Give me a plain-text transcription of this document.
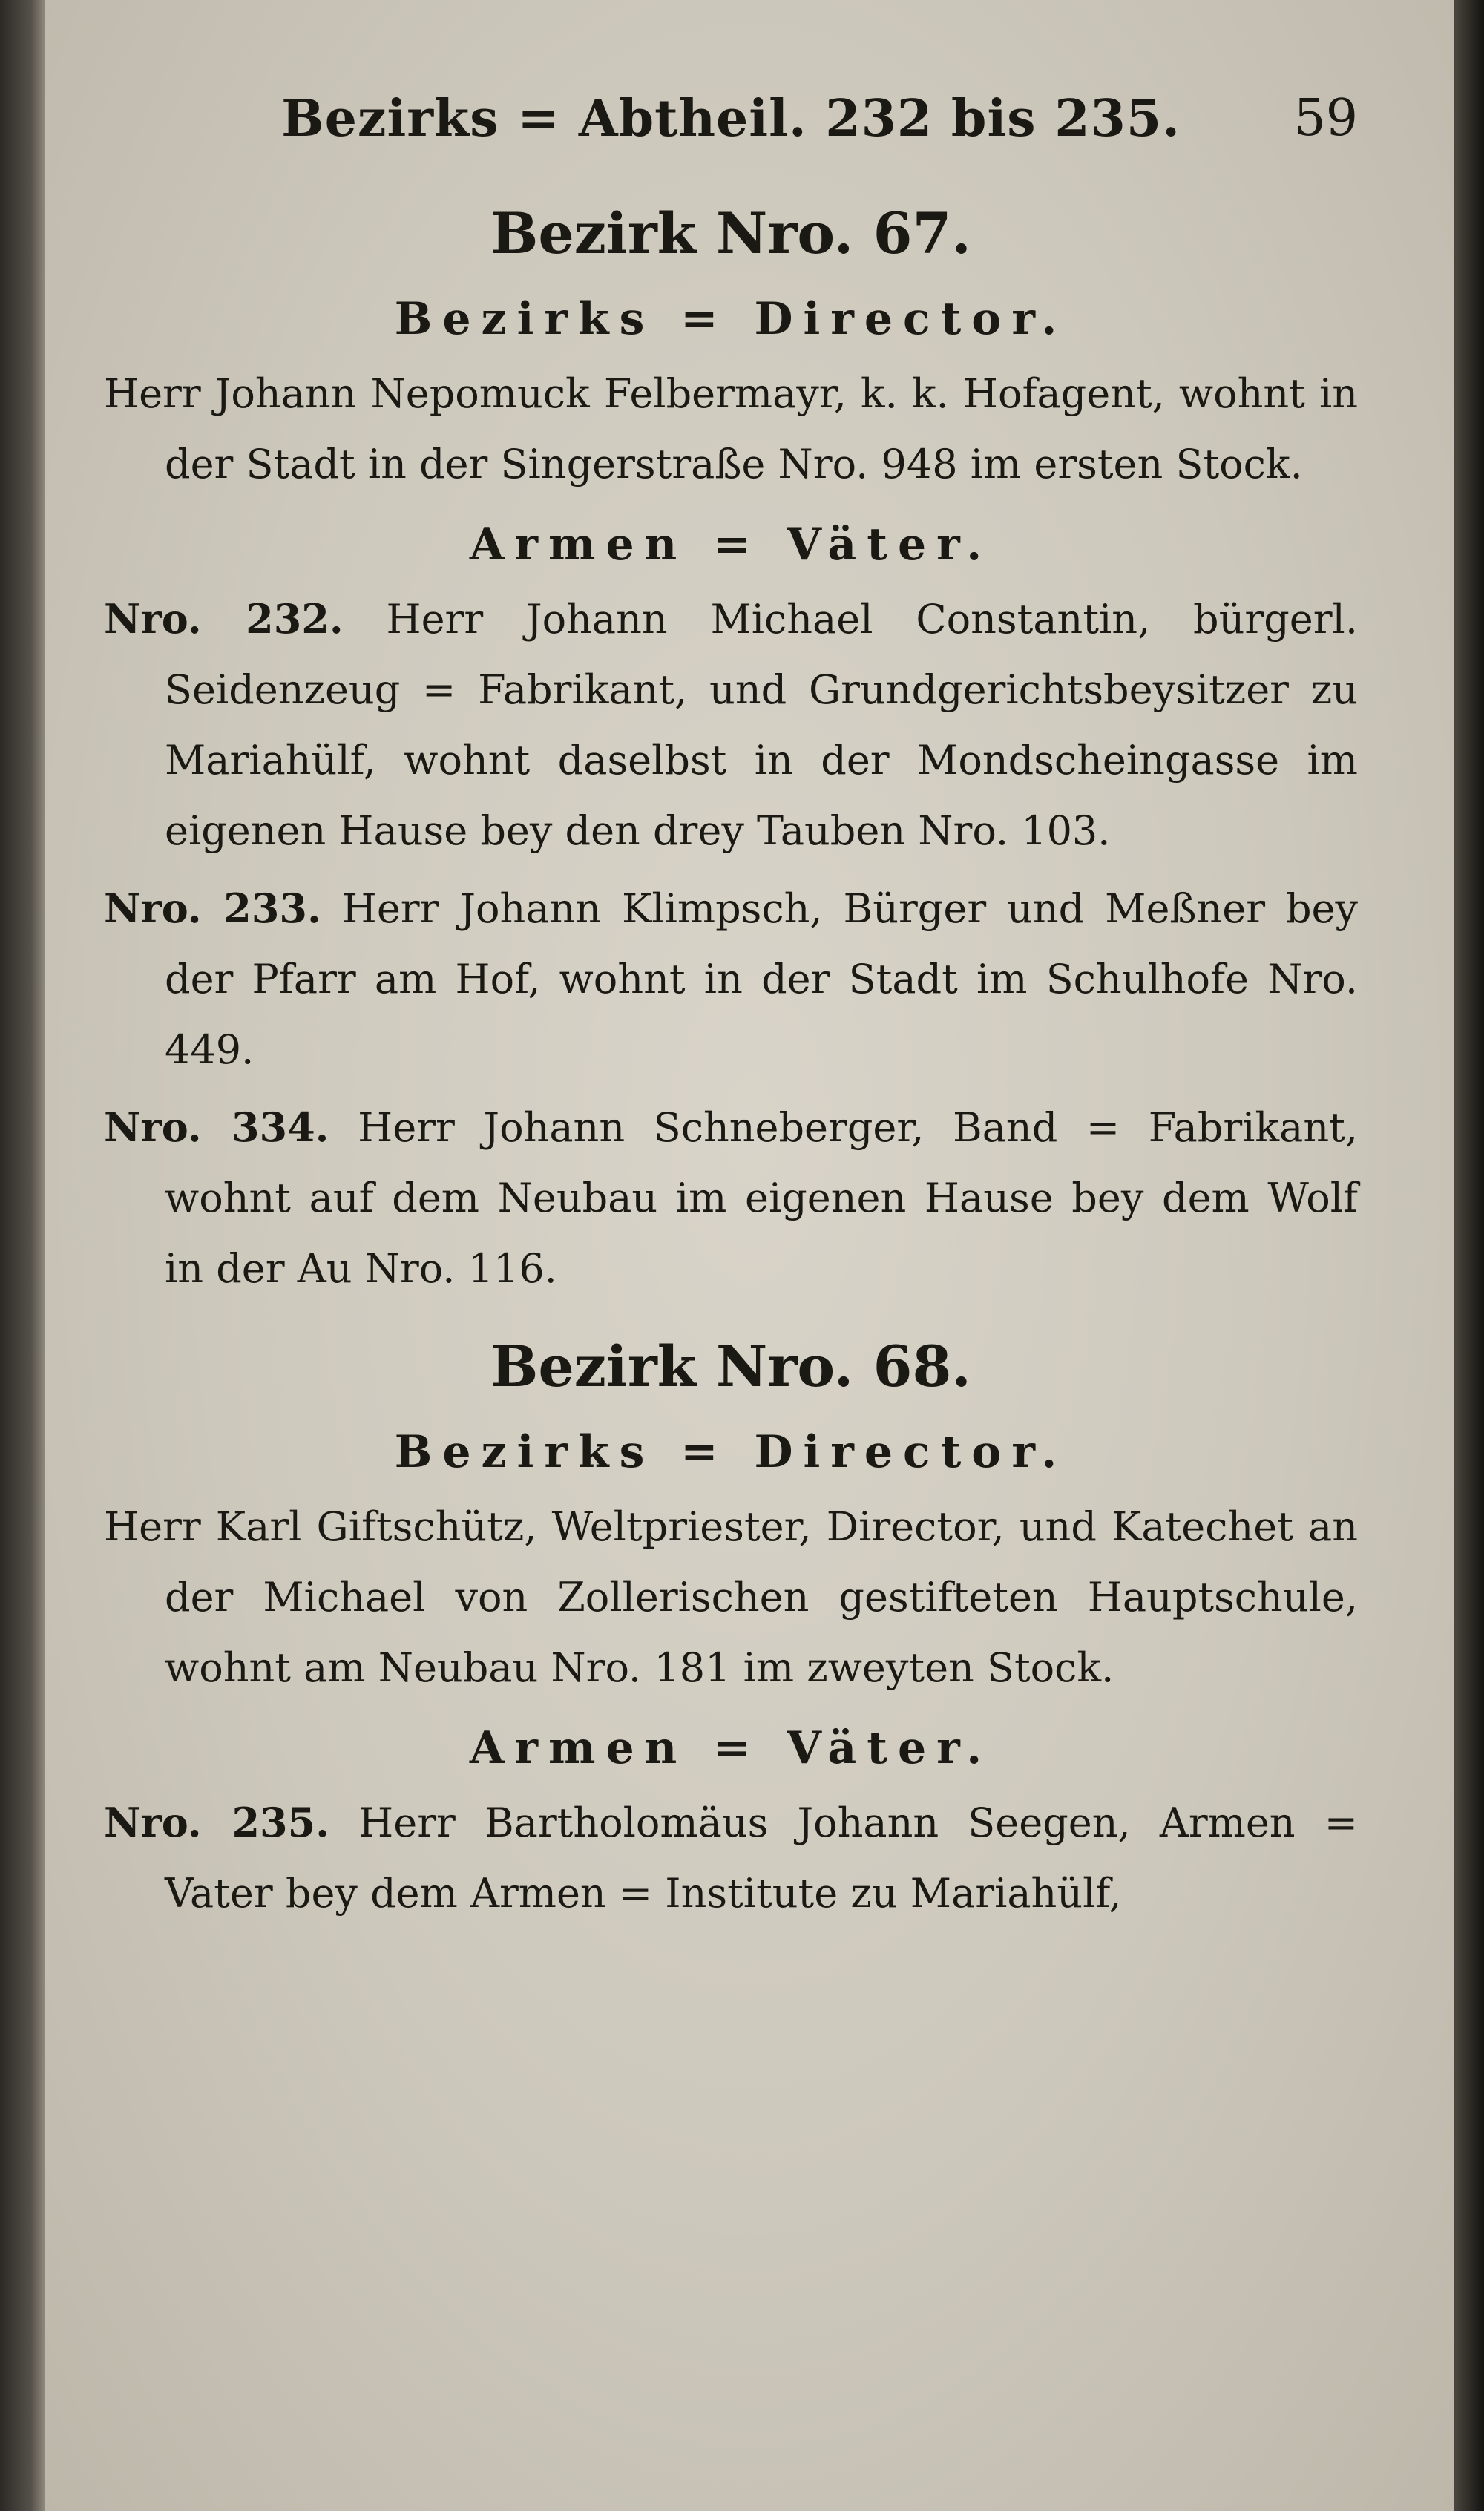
Bezirks = Abtheil. 232 bis 235. 59
Bezirk Nro. 67.
Bezirks = Director.

Herr Johann Nepomuck Felbermayr, k. k. Hofagent, wohnt in der Stadt in der Singerstraße Nro. 948 im ersten Stock.

Armen = Väter.

Nro. 232. Herr Johann Michael Constantin, bürgerl. Seidenzeug = Fabrikant, und Grundgerichtsbeysitzer zu Mariahülf, wohnt daselbst in der Mondscheingasse im eigenen Hause bey den drey Tauben Nro. 103.

Nro. 233. Herr Johann Klimpsch, Bürger und Meßner bey der Pfarr am Hof, wohnt in der Stadt im Schulhofe Nro. 449.

Nro. 334. Herr Johann Schneberger, Band = Fabrikant, wohnt auf dem Neubau im eigenen Hause bey dem Wolf in der Au Nro. 116.

Bezirk Nro. 68.
Bezirks = Director.

Herr Karl Giftschütz, Weltpriester, Director, und Katechet an der Michael von Zollerischen gestifteten Hauptschule, wohnt am Neubau Nro. 181 im zweyten Stock.

Armen = Väter.

Nro. 235. Herr Bartholomäus Johann Seegen, Armen = Vater bey dem Armen = Institute zu Mariahülf,
